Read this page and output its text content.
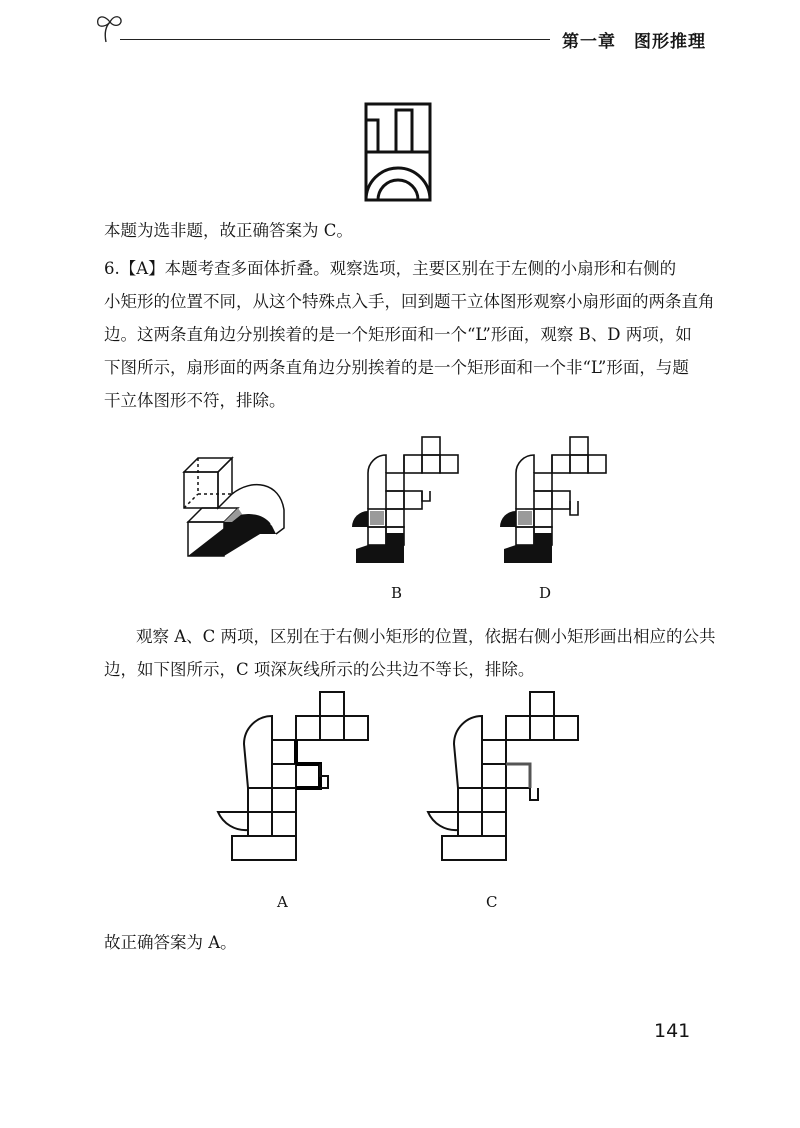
第一章 图形推理

本题为选非题，故正确答案为 C。

6.【A】本题考查多面体折叠。观察选项，主要区别在于左侧的小扇形和右侧的
小矩形的位置不同，从这个特殊点入手，回到题干立体图形观察小扇形面的两条直角
边。这两条直角边分别挨着的是一个矩形面和一个“L”形面，观察 B、D 两项，如
下图所示，扇形面的两条直角边分别挨着的是一个矩形面和一个非“L”形面，与题
干立体图形不符，排除。
B	D
观察 A、C 两项，区别在于右侧小矩形的位置，依据右侧小矩形画出相应的公共
边，如下图所示，C 项深灰线所示的公共边不等长，排除。
A	C

故正确答案为 A。

141
